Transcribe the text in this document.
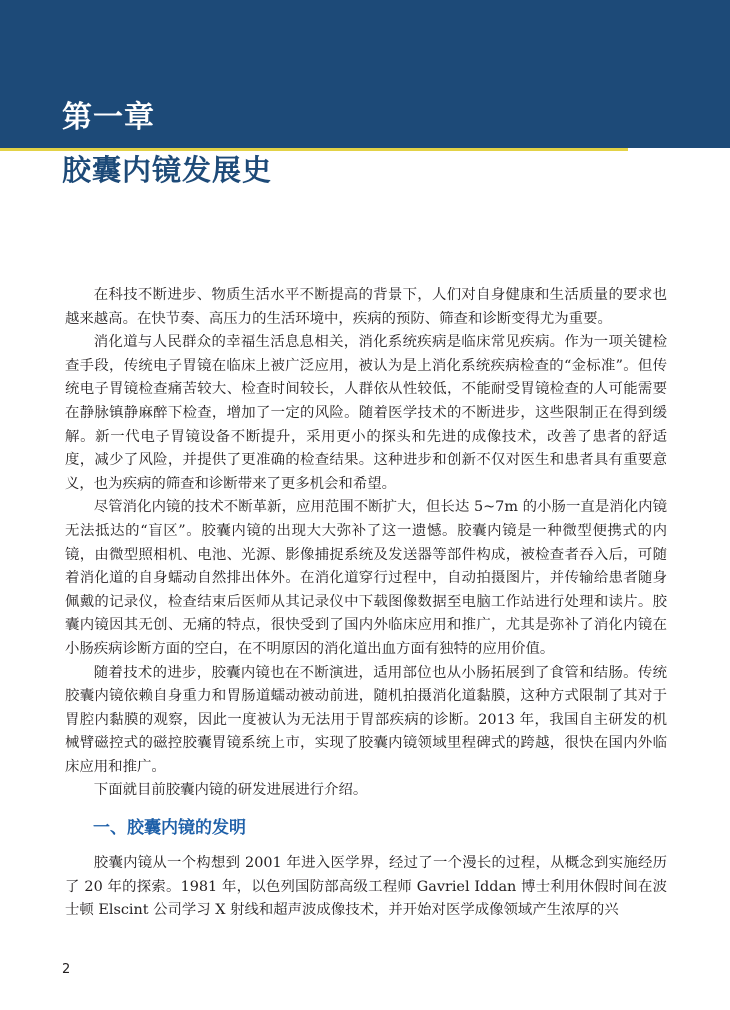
第一章
胶囊内镜发展史

在科技不断进步、物质生活水平不断提高的背景下，人们对自身健康和生活质量的要求也越来越高。在快节奏、高压力的生活环境中，疾病的预防、筛查和诊断变得尤为重要。

消化道与人民群众的幸福生活息息相关，消化系统疾病是临床常见疾病。作为一项关键检查手段，传统电子胃镜在临床上被广泛应用，被认为是上消化系统疾病检查的“金标准”。但传统电子胃镜检查痛苦较大、检查时间较长，人群依从性较低，不能耐受胃镜检查的人可能需要在静脉镇静麻醉下检查，增加了一定的风险。随着医学技术的不断进步，这些限制正在得到缓解。新一代电子胃镜设备不断提升，采用更小的探头和先进的成像技术，改善了患者的舒适度，减少了风险，并提供了更准确的检查结果。这种进步和创新不仅对医生和患者具有重要意义，也为疾病的筛查和诊断带来了更多机会和希望。

尽管消化内镜的技术不断革新，应用范围不断扩大，但长达 5~7m 的小肠一直是消化内镜无法抵达的“盲区”。胶囊内镜的出现大大弥补了这一遗憾。胶囊内镜是一种微型便携式的内镜，由微型照相机、电池、光源、影像捕捉系统及发送器等部件构成，被检查者吞入后，可随着消化道的自身蠕动自然排出体外。在消化道穿行过程中，自动拍摄图片，并传输给患者随身佩戴的记录仪，检查结束后医师从其记录仪中下载图像数据至电脑工作站进行处理和读片。胶囊内镜因其无创、无痛的特点，很快受到了国内外临床应用和推广，尤其是弥补了消化内镜在小肠疾病诊断方面的空白，在不明原因的消化道出血方面有独特的应用价值。

随着技术的进步，胶囊内镜也在不断演进，适用部位也从小肠拓展到了食管和结肠。传统胶囊内镜依赖自身重力和胃肠道蠕动被动前进，随机拍摄消化道黏膜，这种方式限制了其对于胃腔内黏膜的观察，因此一度被认为无法用于胃部疾病的诊断。2013 年，我国自主研发的机械臂磁控式的磁控胶囊胃镜系统上市，实现了胶囊内镜领域里程碑式的跨越，很快在国内外临床应用和推广。

下面就目前胶囊内镜的研发进展进行介绍。

一、胶囊内镜的发明

胶囊内镜从一个构想到 2001 年进入医学界，经过了一个漫长的过程，从概念到实施经历了 20 年的探索。1981 年，以色列国防部高级工程师 Gavriel Iddan 博士利用休假时间在波士顿 Elscint 公司学习 X 射线和超声波成像技术，并开始对医学成像领域产生浓厚的兴

2
